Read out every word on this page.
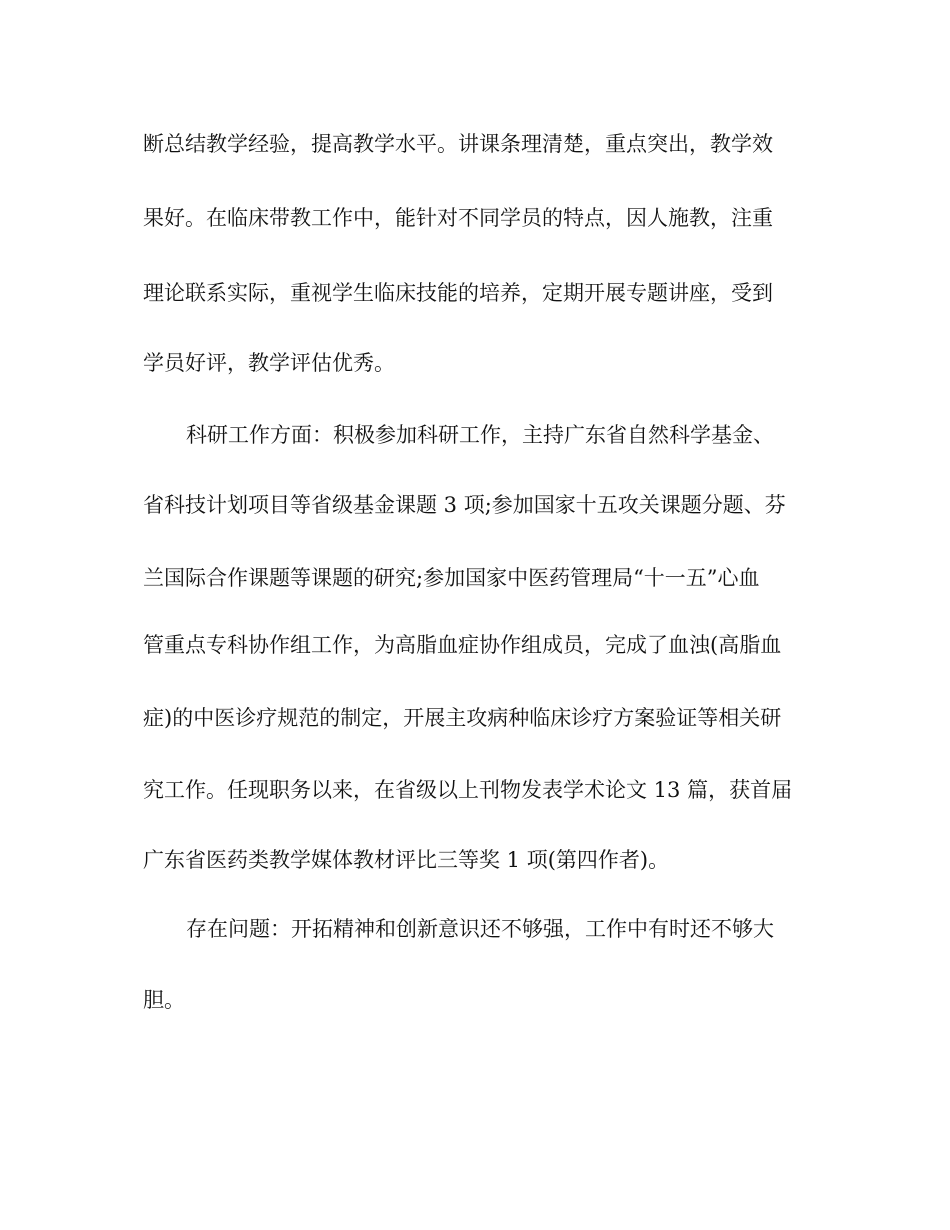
断总结教学经验，提高教学水平。讲课条理清楚，重点突出，教学效

果好。在临床带教工作中，能针对不同学员的特点，因人施教，注重

理论联系实际，重视学生临床技能的培养，定期开展专题讲座，受到

学员好评，教学评估优秀。

科研工作方面：积极参加科研工作，主持广东省自然科学基金、

省科技计划项目等省级基金课题 3 项;参加国家十五攻关课题分题、芬

兰国际合作课题等课题的研究;参加国家中医药管理局“十一五”心血

管重点专科协作组工作，为高脂血症协作组成员，完成了血浊(高脂血

症)的中医诊疗规范的制定，开展主攻病种临床诊疗方案验证等相关研

究工作。任现职务以来，在省级以上刊物发表学术论文 13 篇，获首届

广东省医药类教学媒体教材评比三等奖 1 项(第四作者)。

存在问题：开拓精神和创新意识还不够强，工作中有时还不够大

胆。
